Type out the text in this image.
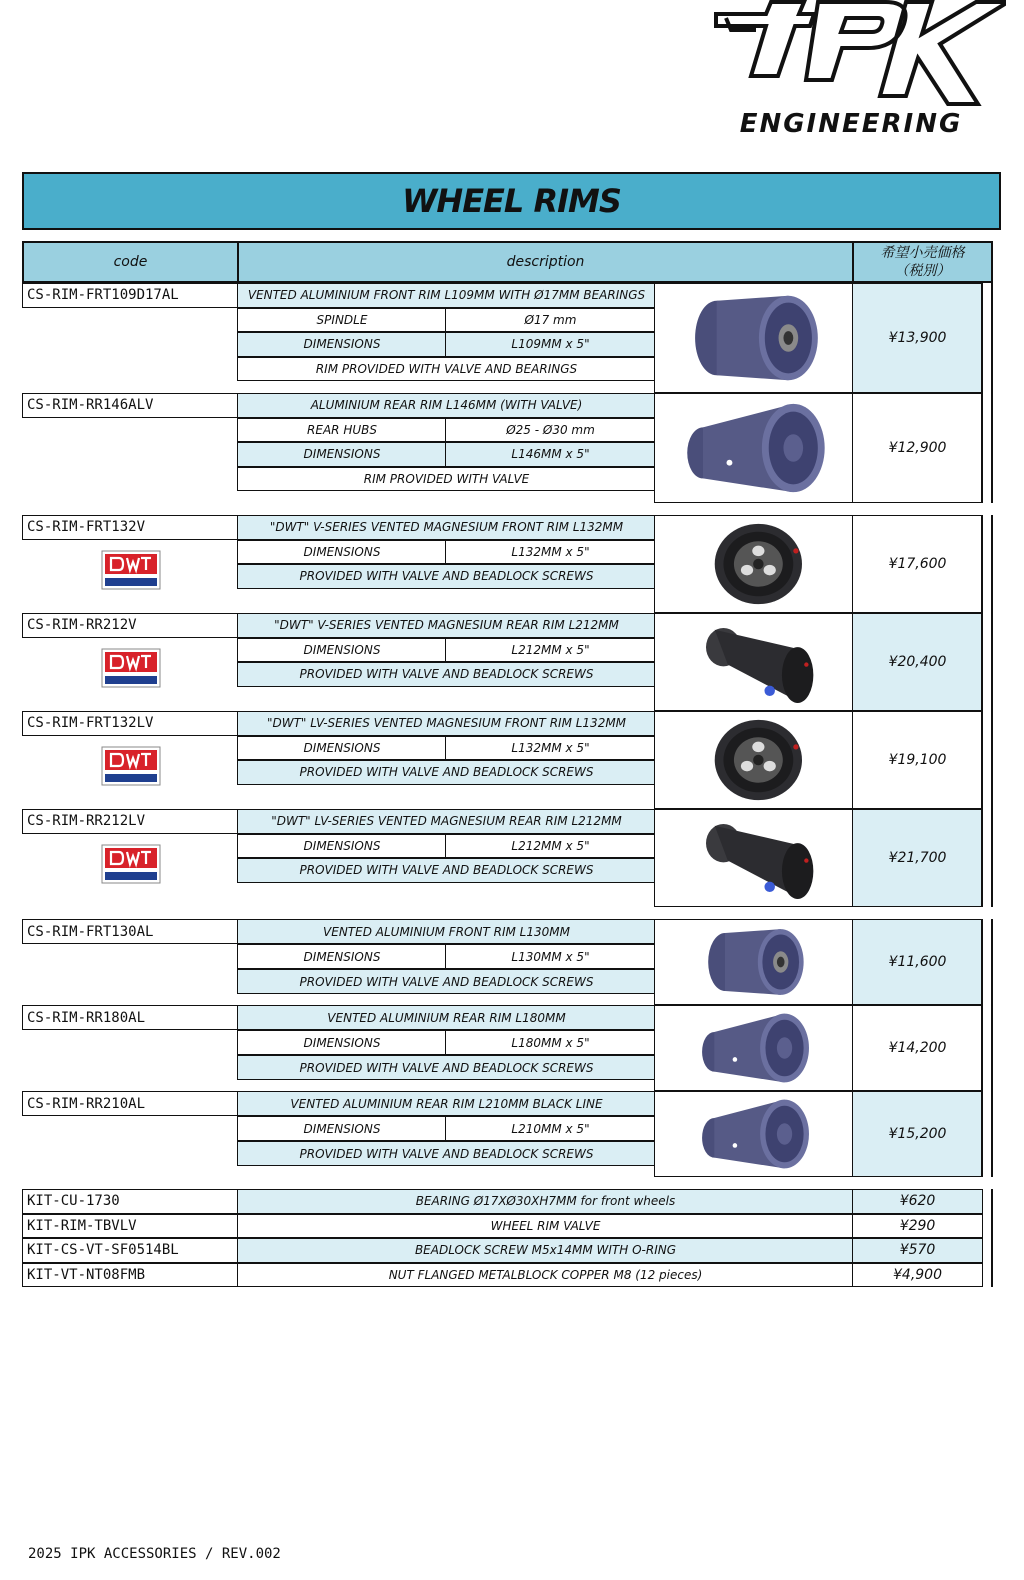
ENGINEERING
WHEEL RIMS
code	description
希望小売価格
（税別）
CS-RIM-FRT109D17AL	VENTED ALUMINIUM FRONT RIM L109MM WITH Ø17MM BEARINGS
SPINDLE	Ø17 mm
DIMENSIONS	L109MM x 5"
RIM PROVIDED WITH VALVE AND BEARINGS
¥13,900
CS-RIM-RR146ALV	ALUMINIUM REAR RIM L146MM (WITH VALVE)
REAR HUBS	Ø25 - Ø30 mm
DIMENSIONS	L146MM x 5"
RIM PROVIDED WITH VALVE
¥12,900
CS-RIM-FRT132V	"DWT" V-SERIES VENTED MAGNESIUM FRONT RIM L132MM
DIMENSIONS	L132MM x 5"
PROVIDED WITH VALVE AND BEADLOCK SCREWS
¥17,600
CS-RIM-RR212V	"DWT" V-SERIES VENTED MAGNESIUM REAR RIM L212MM
DIMENSIONS	L212MM x 5"
PROVIDED WITH VALVE AND BEADLOCK SCREWS
¥20,400
CS-RIM-FRT132LV	"DWT" LV-SERIES VENTED MAGNESIUM FRONT RIM L132MM
DIMENSIONS	L132MM x 5"
PROVIDED WITH VALVE AND BEADLOCK SCREWS
¥19,100
CS-RIM-RR212LV	"DWT" LV-SERIES VENTED MAGNESIUM REAR RIM L212MM
DIMENSIONS	L212MM x 5"
PROVIDED WITH VALVE AND BEADLOCK SCREWS
¥21,700
CS-RIM-FRT130AL	VENTED ALUMINIUM FRONT RIM L130MM
DIMENSIONS	L130MM x 5"
PROVIDED WITH VALVE AND BEADLOCK SCREWS
¥11,600
CS-RIM-RR180AL	VENTED ALUMINIUM REAR RIM L180MM
DIMENSIONS	L180MM x 5"
PROVIDED WITH VALVE AND BEADLOCK SCREWS
¥14,200
CS-RIM-RR210AL	VENTED ALUMINIUM REAR RIM L210MM BLACK LINE
DIMENSIONS	L210MM x 5"
PROVIDED WITH VALVE AND BEADLOCK SCREWS
¥15,200
KIT-CU-1730	BEARING Ø17XØ30XH7MM for front wheels	¥620
KIT-RIM-TBVLV	WHEEL RIM VALVE	¥290
KIT-CS-VT-SF0514BL	BEADLOCK SCREW M5x14MM WITH O-RING	¥570
KIT-VT-NT08FMB	NUT FLANGED METALBLOCK COPPER M8 (12 pieces)	¥4,900
2025 IPK ACCESSORIES / REV.002
